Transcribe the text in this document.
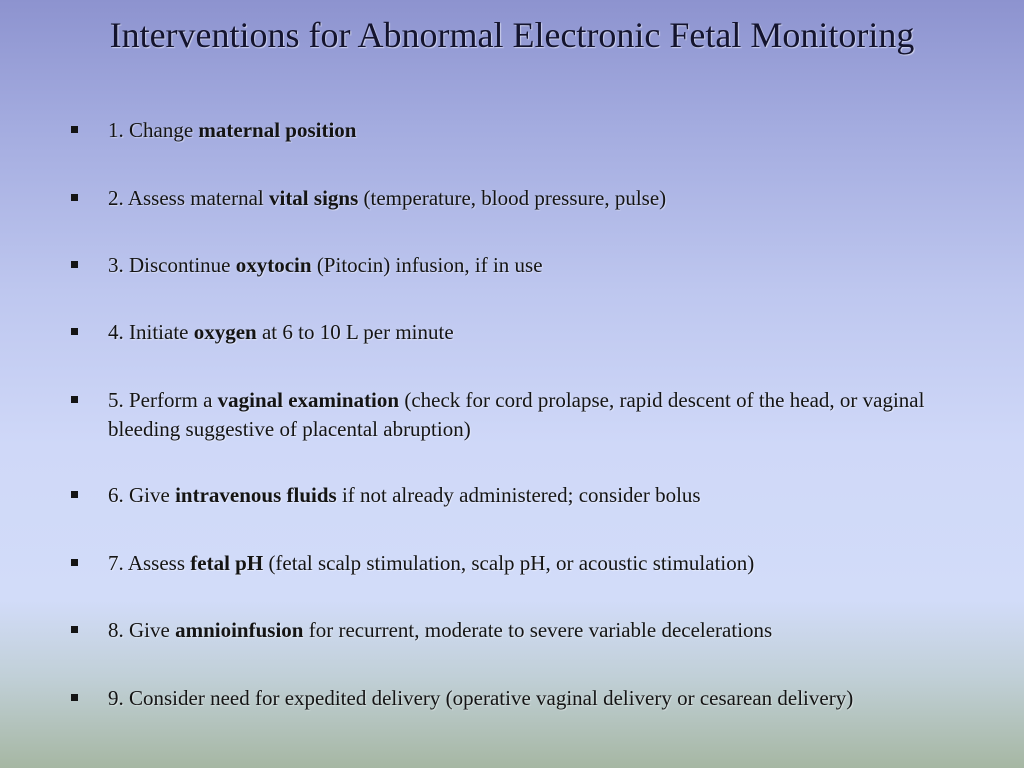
Interventions for Abnormal Electronic Fetal Monitoring
1. Change maternal position
2. Assess maternal vital signs (temperature, blood pressure, pulse)
3. Discontinue oxytocin (Pitocin) infusion, if in use
4. Initiate oxygen at 6 to 10 L per minute
5. Perform a vaginal examination (check for cord prolapse, rapid descent of the head, or vaginal bleeding suggestive of placental abruption)
6. Give intravenous fluids if not already administered; consider bolus
7. Assess fetal pH (fetal scalp stimulation, scalp pH, or acoustic stimulation)
8. Give amnioinfusion for recurrent, moderate to severe variable decelerations
9. Consider need for expedited delivery (operative vaginal delivery or cesarean delivery)
